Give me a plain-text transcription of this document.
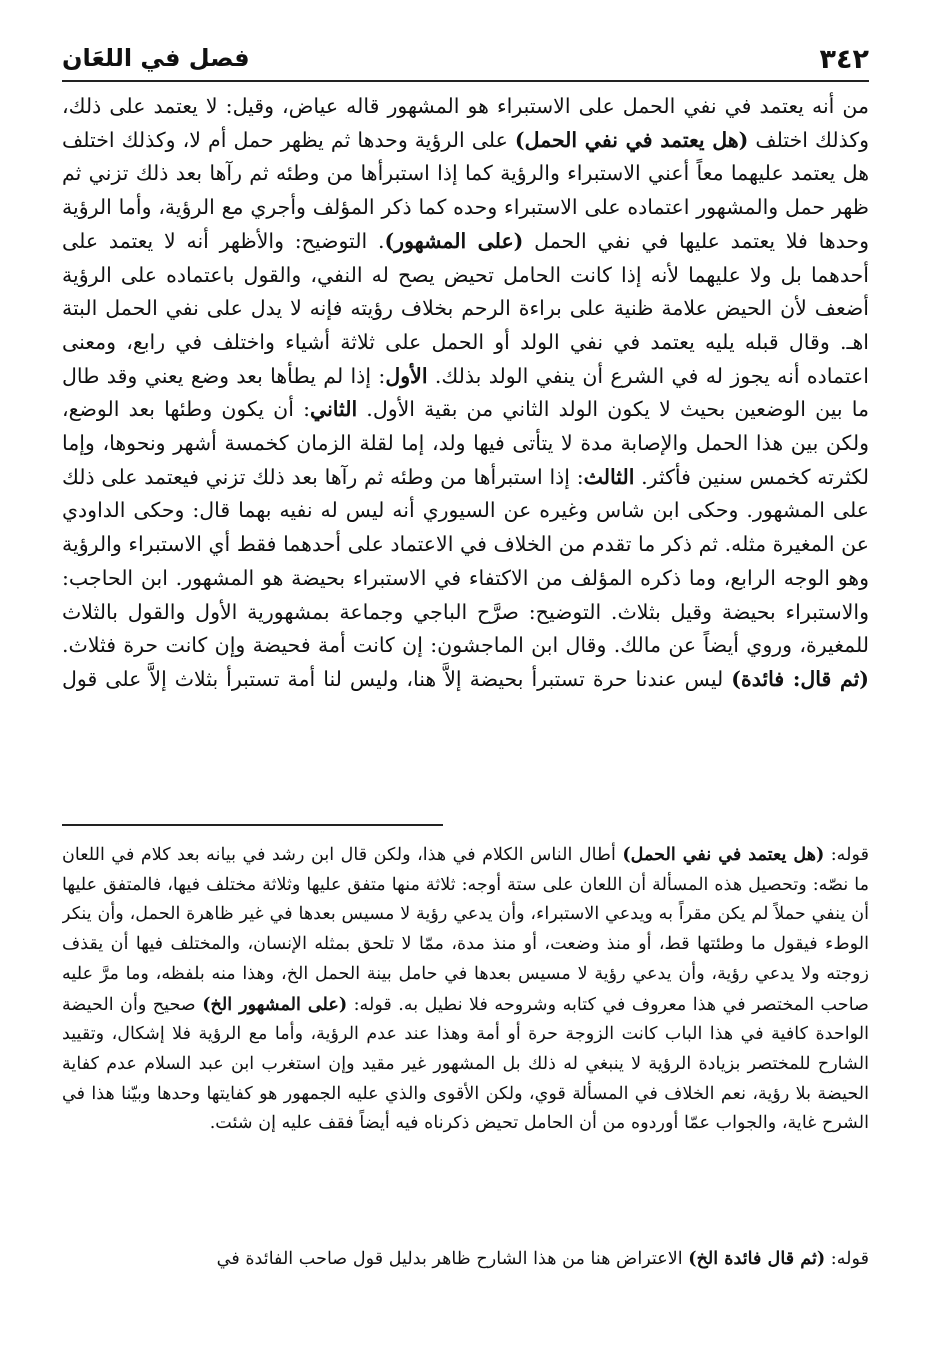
٣٤٢
فصل في اللعَان
من أنه يعتمد في نفي الحمل على الاستبراء هو المشهور قاله عياض، وقيل: لا يعتمد على ذلك، وكذلك اختلف (هل يعتمد في نفي الحمل) على الرؤية وحدها ثم يظهر حمل أم لا، وكذلك اختلف هل يعتمد عليهما معاً أعني الاستبراء والرؤية كما إذا استبرأها من وطئه ثم رآها بعد ذلك تزني ثم ظهر حمل والمشهور اعتماده على الاستبراء وحده كما ذكر المؤلف وأجري مع الرؤية، وأما الرؤية وحدها فلا يعتمد عليها في نفي الحمل (على المشهور). التوضيح: والأظهر أنه لا يعتمد على أحدهما بل ولا عليهما لأنه إذا كانت الحامل تحيض يصح له النفي، والقول باعتماده على الرؤية أضعف لأن الحيض علامة ظنية على براءة الرحم بخلاف رؤيته فإنه لا يدل على نفي الحمل البتة اهـ. وقال قبله يليه يعتمد في نفي الولد أو الحمل على ثلاثة أشياء واختلف في رابع، ومعنى اعتماده أنه يجوز له في الشرع أن ينفي الولد بذلك. الأول: إذا لم يطأها بعد وضع يعني وقد طال ما بين الوضعين بحيث لا يكون الولد الثاني من بقية الأول. الثاني: أن يكون وطئها بعد الوضع، ولكن بين هذا الحمل والإصابة مدة لا يتأتى فيها ولد، إما لقلة الزمان كخمسة أشهر ونحوها، وإما لكثرته كخمس سنين فأكثر. الثالث: إذا استبرأها من وطئه ثم رآها بعد ذلك تزني فيعتمد على ذلك على المشهور. وحكى ابن شاس وغيره عن السيوري أنه ليس له نفيه بهما قال: وحكى الداودي عن المغيرة مثله. ثم ذكر ما تقدم من الخلاف في الاعتماد على أحدهما فقط أي الاستبراء والرؤية وهو الوجه الرابع، وما ذكره المؤلف من الاكتفاء في الاستبراء بحيضة هو المشهور. ابن الحاجب: والاستبراء بحيضة وقيل بثلاث. التوضيح: صرَّح الباجي وجماعة بمشهورية الأول والقول بالثلاث للمغيرة، وروي أيضاً عن مالك. وقال ابن الماجشون: إن كانت أمة فحيضة وإن كانت حرة فثلاث. (ثم قال: فائدة) ليس عندنا حرة تستبرأ بحيضة إلاَّ هنا، وليس لنا أمة تستبرأ بثلاث إلاَّ على قول
قوله: (هل يعتمد في نفي الحمل) أطال الناس الكلام في هذا، ولكن قال ابن رشد في بيانه بعد كلام في اللعان ما نصّه: وتحصيل هذه المسألة أن اللعان على ستة أوجه: ثلاثة منها متفق عليها وثلاثة مختلف فيها، فالمتفق عليها أن ينفي حملاً لم يكن مقراً به ويدعي الاستبراء، وأن يدعي رؤية لا مسيس بعدها في غير ظاهرة الحمل، وأن ينكر الوطء فيقول ما وطئتها قط، أو منذ وضعت، أو منذ مدة، ممّا لا تلحق بمثله الإنسان، والمختلف فيها أن يقذف زوجته ولا يدعي رؤية، وأن يدعي رؤية لا مسيس بعدها في حامل بينة الحمل الخ، وهذا منه بلفظه، وما مرَّ عليه صاحب المختصر في هذا معروف في كتابه وشروحه فلا نطيل به. قوله: (على المشهور الخ) صحيح وأن الحيضة الواحدة كافية في هذا الباب كانت الزوجة حرة أو أمة وهذا عند عدم الرؤية، وأما مع الرؤية فلا إشكال، وتقييد الشارح للمختصر بزيادة الرؤية لا ينبغي له ذلك بل المشهور غير مقيد وإن استغرب ابن عبد السلام عدم كفاية الحيضة بلا رؤية، نعم الخلاف في المسألة قوي، ولكن الأقوى والذي عليه الجمهور هو كفايتها وحدها وبيّنا هذا في الشرح غاية، والجواب عمّا أوردوه من أن الحامل تحيض ذكرناه فيه أيضاً فقف عليه إن شئت.
قوله: (ثم قال فائدة الخ) الاعتراض هنا من هذا الشارح ظاهر بدليل قول صاحب الفائدة في
